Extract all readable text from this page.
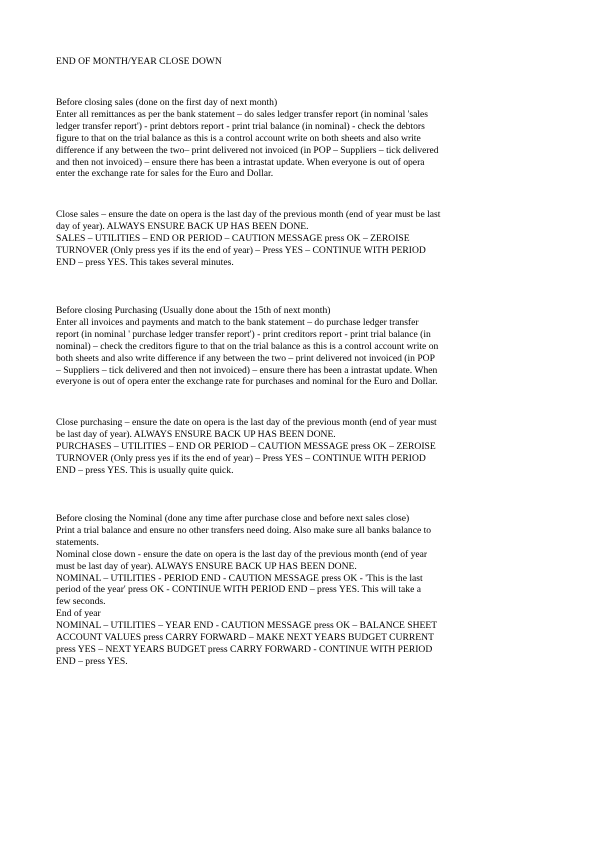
END OF MONTH/YEAR CLOSE DOWN
Before closing sales (done on the first day of next month)
Enter all remittances as per the bank statement – do sales ledger transfer report (in nominal 'sales
ledger transfer report') - print debtors report - print trial balance (in nominal) - check the debtors
figure to that on the trial balance as this is a control account write on both sheets and also write
difference if any between the two– print delivered not invoiced (in POP – Suppliers – tick delivered
and then not invoiced) – ensure there has been a intrastat update. When everyone is out of opera
enter the exchange rate for sales for the Euro and Dollar.
Close sales – ensure the date on opera is the last day of the previous month (end of year must be last
day of year). ALWAYS ENSURE BACK UP HAS BEEN DONE.
SALES – UTILITIES – END OR PERIOD – CAUTION MESSAGE press OK – ZEROISE
TURNOVER (Only press yes if its the end of year) – Press YES – CONTINUE WITH PERIOD
END – press YES. This takes several minutes.
Before closing Purchasing (Usually done about the 15th of next month)
Enter all invoices and payments and match to the bank statement – do purchase ledger transfer
report (in nominal ' purchase ledger transfer report') - print creditors report - print trial balance (in
nominal) – check the creditors figure to that on the trial balance as this is a control account write on
both sheets and also write difference if any between the two – print delivered not invoiced (in POP
– Suppliers – tick delivered and then not invoiced) – ensure there has been a intrastat update. When
everyone is out of opera enter the exchange rate for purchases and nominal for the Euro and Dollar.
Close purchasing – ensure the date on opera is the last day of the previous month (end of year must
be last day of year). ALWAYS ENSURE BACK UP HAS BEEN DONE.
PURCHASES – UTILITIES – END OR PERIOD – CAUTION MESSAGE press OK – ZEROISE
TURNOVER (Only press yes if its the end of year) – Press YES – CONTINUE WITH PERIOD
END – press YES. This is usually quite quick.
Before closing the Nominal (done any time after purchase close and before next sales close)
Print a trial balance and ensure no other transfers need doing. Also make sure all banks balance to
statements.
Nominal close down - ensure the date on opera is the last day of the previous month (end of year
must be last day of year). ALWAYS ENSURE BACK UP HAS BEEN DONE.
NOMINAL – UTILITIES - PERIOD END - CAUTION MESSAGE press OK - 'This is the last
period of the year' press OK - CONTINUE WITH PERIOD END – press YES. This will take a
few seconds.
End of year
NOMINAL – UTILITIES – YEAR END - CAUTION MESSAGE press OK – BALANCE SHEET
ACCOUNT VALUES press CARRY FORWARD – MAKE NEXT YEARS BUDGET CURRENT
press YES – NEXT YEARS BUDGET press CARRY FORWARD - CONTINUE WITH PERIOD
END – press YES.
